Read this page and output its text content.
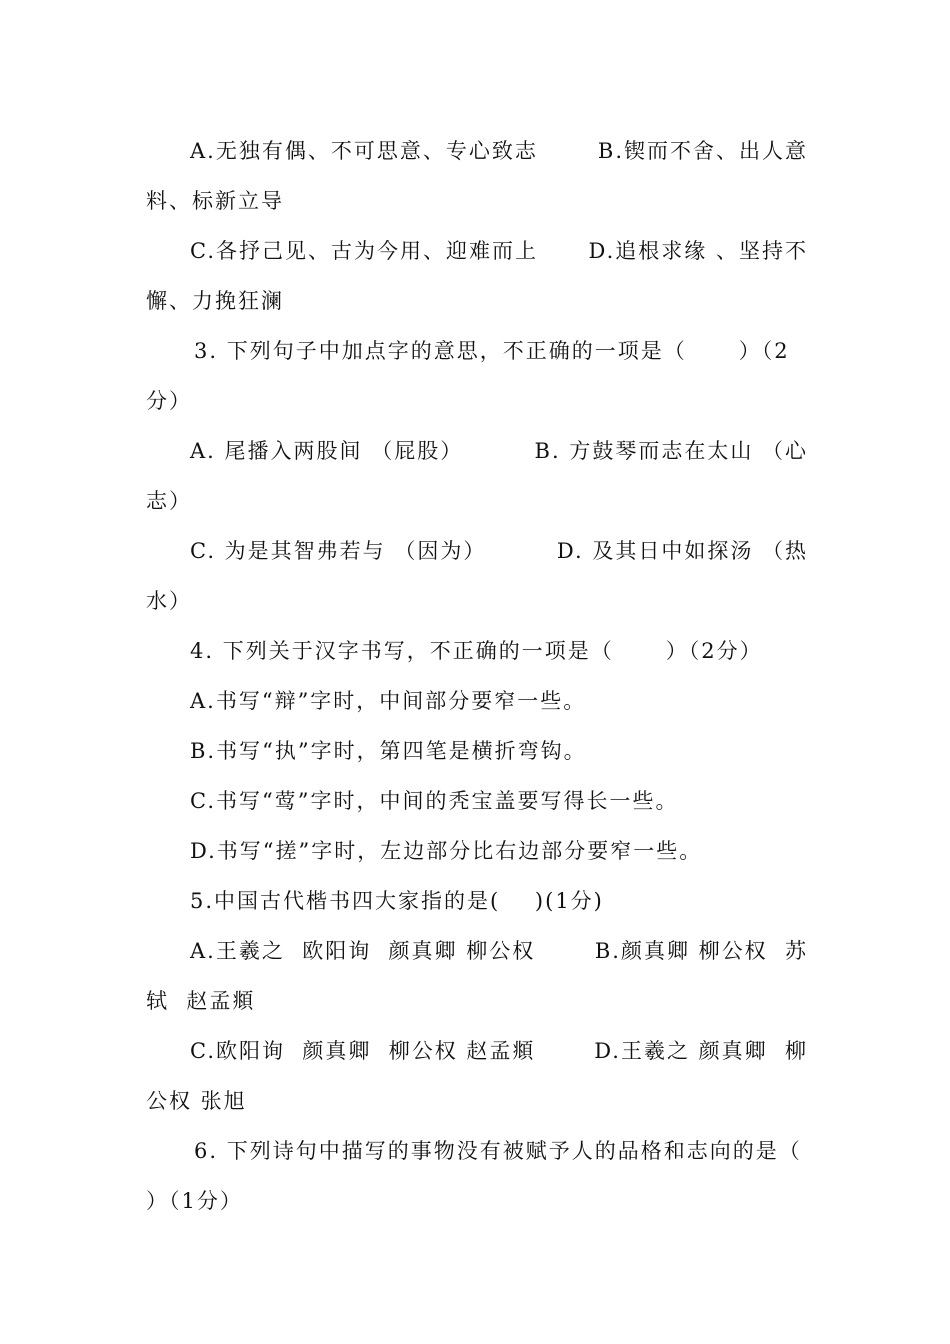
A.无独有偶、不可思意、专心致志	B.锲而不舍、出人意
料、标新立导
C.各抒己见、古为今用、迎难而上 D.追根求缘 、坚持不
懈、力挽狂澜
3. 下列句子中加点字的意思，不正确的一项是（      ）（2
分）
A. 尾播入两股间 （屁股）	B. 方鼓琴而志在太山 （心
志）
C. 为是其智弗若与 （因为）	D. 及其日中如探汤 （热
水）
4. 下列关于汉字书写，不正确的一项是（      ）（2分）
A.书写“辩”字时，中间部分要窄一些。
B.书写“执”字时，第四笔是横折弯钩。
C.书写“莺”字时，中间的秃宝盖要写得长一些。
D.书写“搓”字时，左边部分比右边部分要窄一些。
5.中国古代楷书四大家指的是(    )(1分)
A.王羲之  欧阳询  颜真卿 柳公权	B.颜真卿 柳公权  苏
轼  赵孟頫
C.欧阳询  颜真卿  柳公权 赵孟頫	D.王羲之 颜真卿  柳
公权 张旭
6. 下列诗句中描写的事物没有被赋予人的品格和志向的是（
）（1分）
